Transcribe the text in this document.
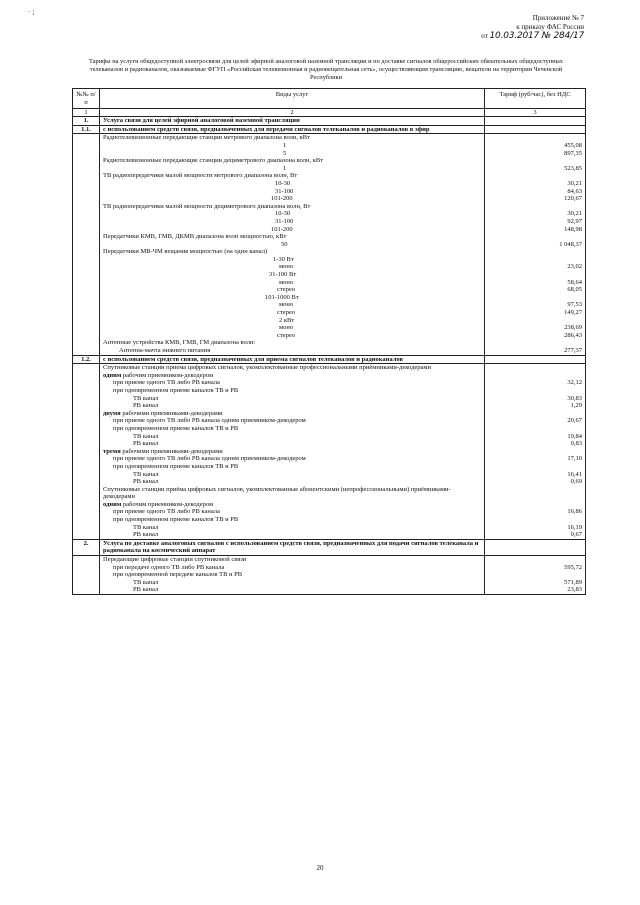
· ⁏
Приложение № 7
к приказу ФАС России
от 10.03.2017 № 284/17
Тарифы на услуги общедоступной электросвязи для целей эфирной аналоговой наземной трансляции и по доставке сигналов общероссийских обязательных общедоступных телеканалов и радиоканалов, оказываемые ФГУП «Российская телевизионная и радиовещательная сеть», осуществляющим трансляцию, вещатели на территории Чеченской Республики
№№ п/п	Виды услуг	Тариф (руб/час), без НДС
1	2	3
1.	Услуга связи для целей эфирной аналоговой наземной трансляции	
1.1.	с использованием средств связи, предназначенных для передачи сигналов телеканалов и радиоканалов в эфир	
	Радиотелевизионные передающие станции метрового диапазона волн, кВт	
	1	455,08
	5	897,35
	Радиотелевизионные передающие станции дециметрового диапазона волн, кВт	
	1	523,85
	ТВ радиопередатчики малой мощности метрового диапазона волн, Вт	
	10-30	30,21
	31-100	84,63
	101-200	120,67
	ТВ радиопередатчики малой мощности дециметрового диапазона волн, Вт	
	10-30	30,21
	31-100	92,97
	101-200	148,98
	Передатчики КМВ, ГМВ, ДКМВ диапазона волн мощностью, кВт	
	50	1 048,37
	Передатчики МВ-ЧМ вещания мощностью (на один канал)	
	1-30 Вт	
	моно	23,02
	31-100 Вт	
	моно	58,64
	стерео	68,05
	101-1000 Вт	
	моно	97,53
	стерео	149,27
	2 кВт	
	моно	238,69
	стерео	286,43
	Антенные устройства КМВ, ГМВ, ГМ диапазона волн:	
	Антенна-мачта нижнего питания	277,37
1.2.	с использованием средств связи, предназначенных для приема сигналов телеканалов и радиоканалов	
	Спутниковые станции приема цифровых сигналов, укомплектованные профессиональными приёмниками-декодерами	
	одним рабочим приемником-декодером	
	при приеме одного ТВ либо РВ канала	32,12
	при одновременном приеме каналов ТВ и РВ	
	ТВ канал	30,83
	РВ канал	1,29
	двумя рабочими приемниками-декодерами	
	при приеме одного ТВ либо РВ канала одним приемником-декодером	20,67
	при одновременном приеме каналов ТВ и РВ	
	ТВ канал	19,84
	РВ канал	0,83
	тремя рабочими приемниками-декодерами	
	при приеме одного ТВ либо РВ канала одним приемником-декодером	17,10
	при одновременном приеме каналов ТВ и РВ	
	ТВ канал	16,41
	РВ канал	0,69
	Спутниковые станции приёма цифровых сигналов, укомплектованные абонентскими (непрофессиональными) приёмниками-декодерами	
	одним рабочим приемником-декодером	
	при приеме одного ТВ либо РВ канала	16,86
	при одновременном приеме каналов ТВ и РВ	
	ТВ канал	16,19
	РВ канал	0,67
2.	Услуга по доставке аналоговых сигналов с использованием средств связи, предназначенных для подачи сигналов телеканала и радиоканала на космический аппарат	
	Передающие цифровые станции спутниковой связи	
	при передаче одного ТВ либо РВ канала	595,72
	при одновременной передаче каналов ТВ и РВ	
	ТВ канал	571,89
	РВ канал	23,83
20
